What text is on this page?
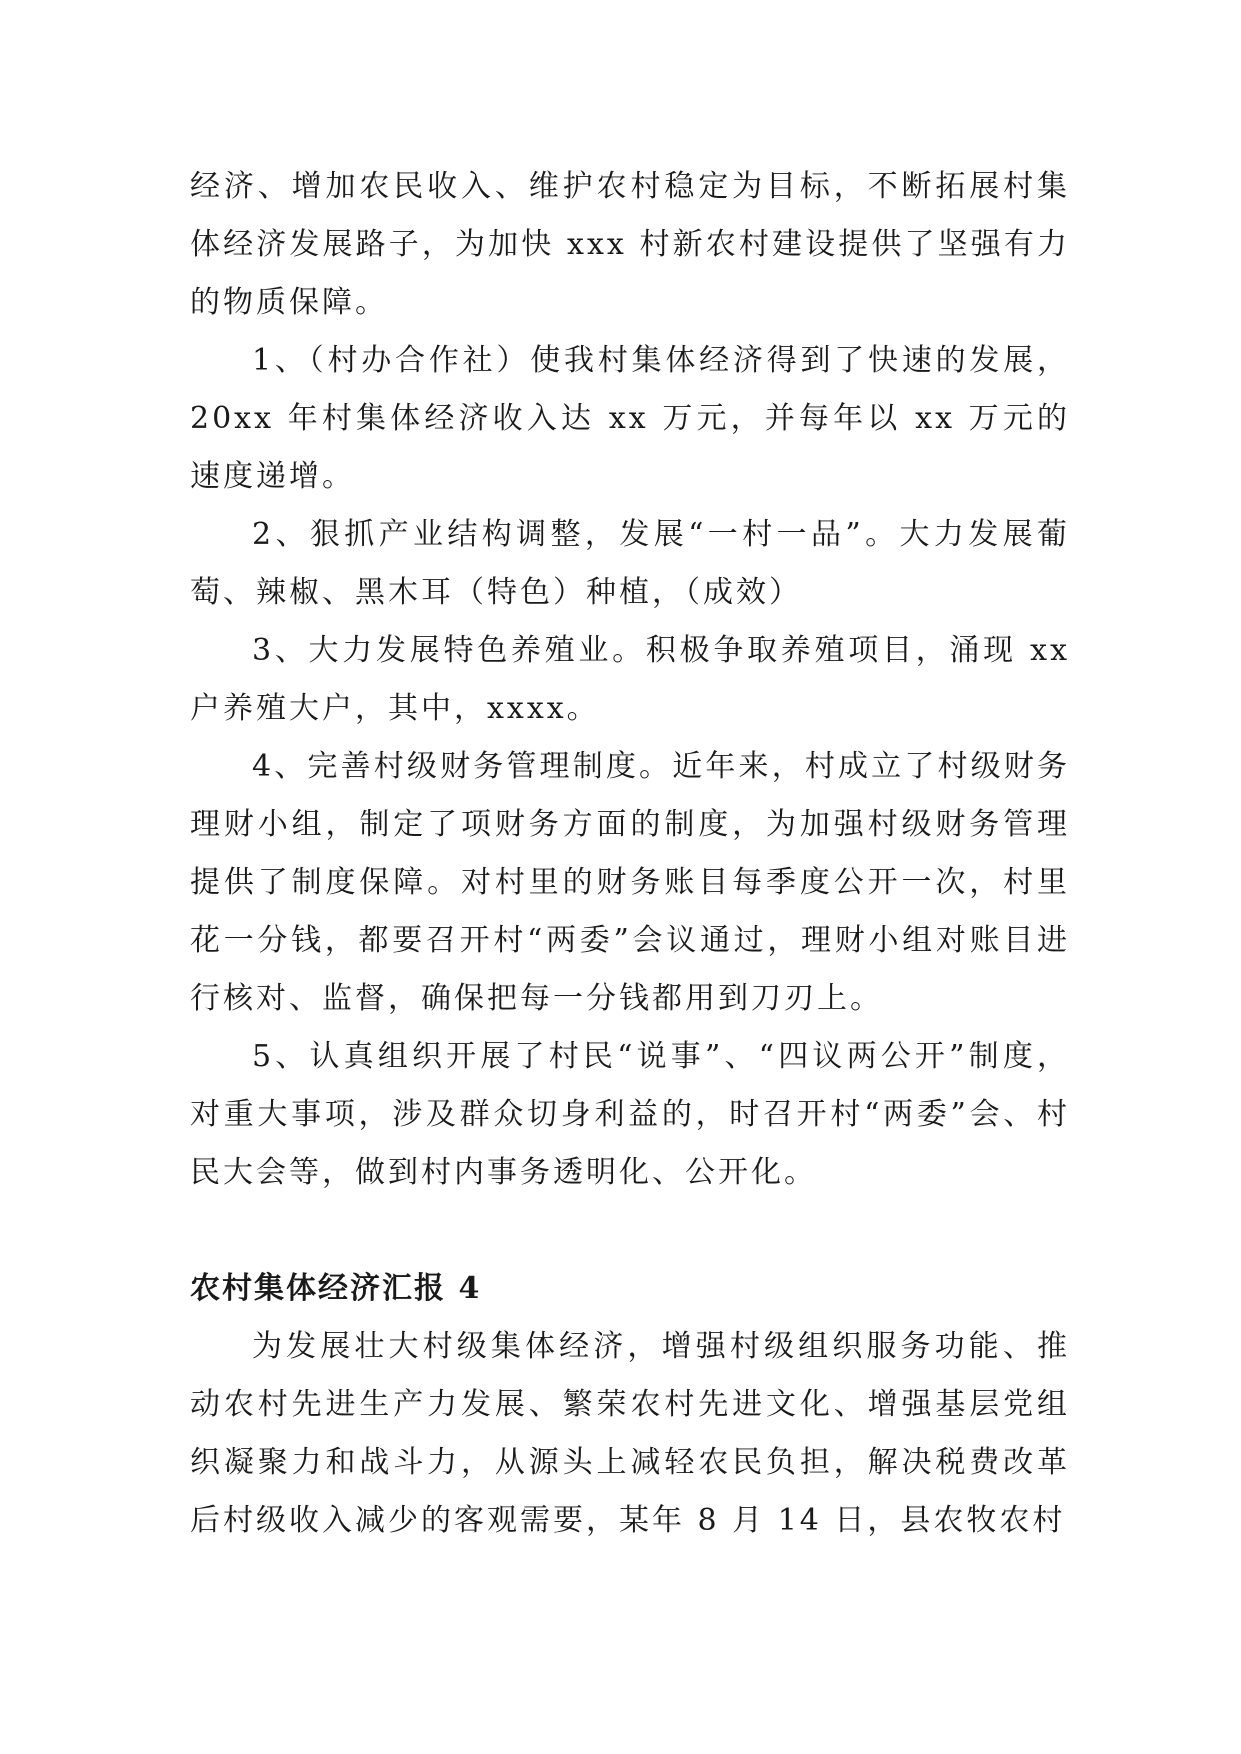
经济、增加农民收入、维护农村稳定为目标，不断拓展村集体经济发展路子，为加快 xxx 村新农村建设提供了坚强有力的物质保障。

1、（村办合作社）使我村集体经济得到了快速的发展，20xx 年村集体经济收入达 xx 万元，并每年以 xx 万元的速度递增。

2、狠抓产业结构调整，发展“一村一品”。大力发展葡萄、辣椒、黑木耳（特色）种植，（成效）

3、大力发展特色养殖业。积极争取养殖项目，涌现 xx 户养殖大户，其中，xxxx。

4、完善村级财务管理制度。近年来，村成立了村级财务理财小组，制定了项财务方面的制度，为加强村级财务管理提供了制度保障。对村里的财务账目每季度公开一次，村里花一分钱，都要召开村“两委”会议通过，理财小组对账目进行核对、监督，确保把每一分钱都用到刀刃上。

5、认真组织开展了村民“说事”、“四议两公开”制度，对重大事项，涉及群众切身利益的，时召开村“两委”会、村民大会等，做到村内事务透明化、公开化。

农村集体经济汇报 4

为发展壮大村级集体经济，增强村级组织服务功能、推动农村先进生产力发展、繁荣农村先进文化、增强基层党组织凝聚力和战斗力，从源头上减轻农民负担，解决税费改革后村级收入减少的客观需要，某年 8 月 14 日，县农牧农村
